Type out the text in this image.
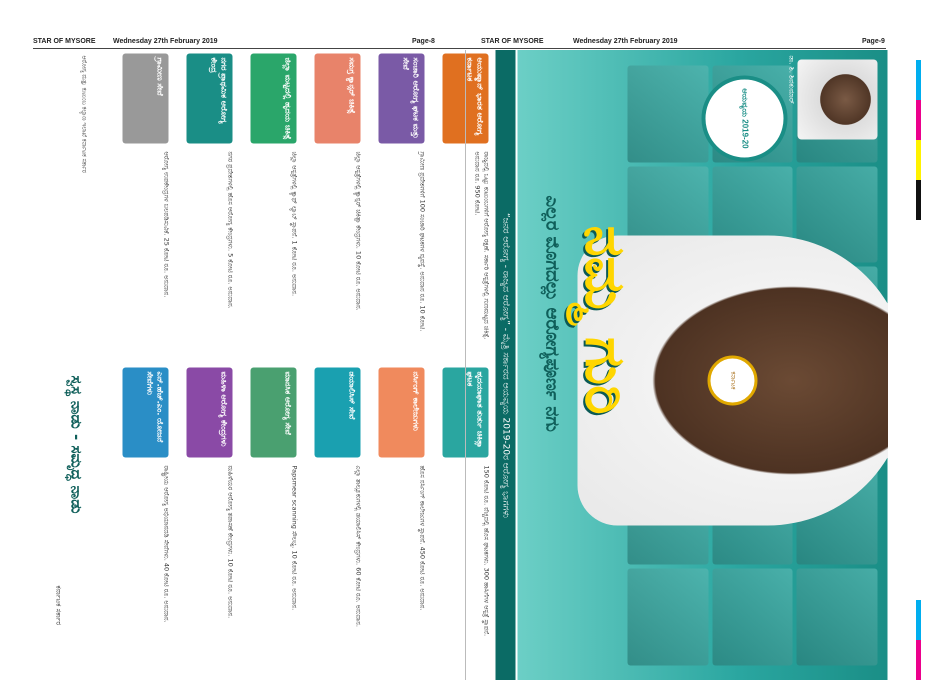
STAR OF MYSORE	Wednesday 27th February 2019	Page-8	STAR OF MYSORE	Wednesday 27th February 2019	Page-9
ಡಾ. ಶಿ. ಶಿವಕುಮಾರ್
ಆಯವ್ಯಯ 2019-20
ಕರ್ನಾಟಕ
ನಮ್ಮ ಗುರಿ
ಎಲ್ಲರ ಮೊಗದಲ್ಲು ಆರೋಗ್ಯಪೂರ್ಣ ನಗು
“ಜನರ ಆರೋಗ್ಯ - ರಾಜ್ಯದ ಆರೋಗ್ಯ” - ಮೈತ್ರಿ ಸರ್ಕಾರದ ಆಯವ್ಯಯ 2019-20ರ ಆರೋಗ್ಯ ಭಾಗಗಳು
ಆಯುಷ್ಮಾನ್ ಭಾರತ ಆರೋಗ್ಯ ಕರ್ನಾಟಕ
ರಾಜ್ಯದಲ್ಲಿ ಒಟ್ಟು ಕುಟುಂಬಗಳಿಗೆ ಆರೋಗ್ಯ ರಕ್ಷಣೆ. ಸರ್ಕಾರಿ ಆಸ್ಪತ್ರೆಗಳಲ್ಲಿ ಗುಣಮಟ್ಟದ ಚಿಕಿತ್ಸೆ. ಅನುದಾನ ರೂ. 950 ಕೋಟಿ.
ಸಂಚಾರಿ ಆರೋಗ್ಯ ಘಟಕ ಮತ್ತು ಸೇವೆ
ಗ್ರಾಮೀಣ ಪ್ರದೇಶಗಳಿಗೆ 100 ಸಂಚಾರಿ ಘಟಕಗಳ ವ್ಯವಸ್ಥೆ. ಅನುದಾನ ರೂ. 10 ಕೋಟಿ.
ಸಮಗ್ರ ಕ್ಯಾನ್ಸರ್ ಚಿಕಿತ್ಸೆ
ಜಿಲ್ಲಾ ಆಸ್ಪತ್ರೆಗಳಲ್ಲಿ ಕ್ಯಾನ್ಸರ್ ಚಿಕಿತ್ಸಾ ಕೇಂದ್ರಗಳು. 10 ಕೋಟಿ ರೂ. ಅನುದಾನ.
ಜಿಲ್ಲಾ ಮಟ್ಟದಲ್ಲಿ ಹೃದಯ ಚಿಕಿತ್ಸೆ
ಜಿಲ್ಲಾ ಆಸ್ಪತ್ರೆಗಳಲ್ಲಿ ಕ್ಯಾಥ್ ಲ್ಯಾಬ್ ಸ್ಥಾಪನೆ. 1 ಕೋಟಿ ರೂ. ಅನುದಾನ.
ನಗರ ಪ್ರಾಥಮಿಕ ಆರೋಗ್ಯ ಕೇಂದ್ರ
ನಗರ ಪ್ರದೇಶಗಳಲ್ಲಿ ಹೊಸ ಆರೋಗ್ಯ ಕೇಂದ್ರಗಳು. 5 ಕೋಟಿ ರೂ. ಅನುದಾನ.
ಗ್ರಾಮೀಣ ಸೇವೆ
ಆರೋಗ್ಯ ಉಪಕೇಂದ್ರಗಳ ಬಲಪಡಿಸುವಿಕೆ. 25 ಕೋಟಿ ರೂ. ಅನುದಾನ.
ಹೃದಯಾಘಾತ ತುರ್ತು ಚಿಕಿತ್ಸಾ ಘಟಕ
150 ಕೋಟಿ ರೂ. ವೆಚ್ಚದಲ್ಲಿ ಹೊಸ ಘಟಕಗಳು. 300 ಹಾಸಿಗೆಗಳ ಆಸ್ಪತ್ರೆ ಸ್ಥಾಪನೆ.
ನರ್ಸಿಂಗ್ ಕಾಲೇಜುಗಳು
ಹೊಸ ನರ್ಸಿಂಗ್ ಕಾಲೇಜುಗಳ ಸ್ಥಾಪನೆ. 450 ಕೋಟಿ ರೂ. ಅನುದಾನ.
ಡಯಾಲಿಸಿಸ್ ಸೇವೆ
ಎಲ್ಲಾ ತಾಲ್ಲೂಕುಗಳಲ್ಲಿ ಡಯಾಲಿಸಿಸ್ ಕೇಂದ್ರಗಳು. 60 ಕೋಟಿ ರೂ. ಅನುದಾನ.
ಮಾನಸಿಕ ಆರೋಗ್ಯ ಸೇವೆ
Papsmear scanning ಸೌಲಭ್ಯ. 10 ಕೋಟಿ ರೂ. ಅನುದಾನ.
ಮಹಿಳಾ ಆರೋಗ್ಯ ಕೇಂದ್ರಗಳು
ಮಹಿಳೆಯರ ಆರೋಗ್ಯ ತಪಾಸಣೆ ಕೇಂದ್ರಗಳು. 10 ಕೋಟಿ ರೂ. ಅನುದಾನ.
ಎನ್.ಹೆಚ್.ಎಂ. ಯೋಜನೆ ಸೇವೆಗಳು
ರಾಷ್ಟ್ರೀಯ ಆರೋಗ್ಯ ಅಭಿಯಾನದಡಿ ಸೇವೆಗಳು. 40 ಕೋಟಿ ರೂ. ಅನುದಾನ.
ಆರೋಗ್ಯ ಮತ್ತು ಕುಟುಂಬ ಕಲ್ಯಾಣ ಇಲಾಖೆ ಕರ್ನಾಟಕ ಸರ್ಕಾರ
ಸ್ವಸ್ಥ ನಾಡು - ಸಮೃದ್ಧ ನಾಡು
ಕರ್ನಾಟಕ ಸರ್ಕಾರ
